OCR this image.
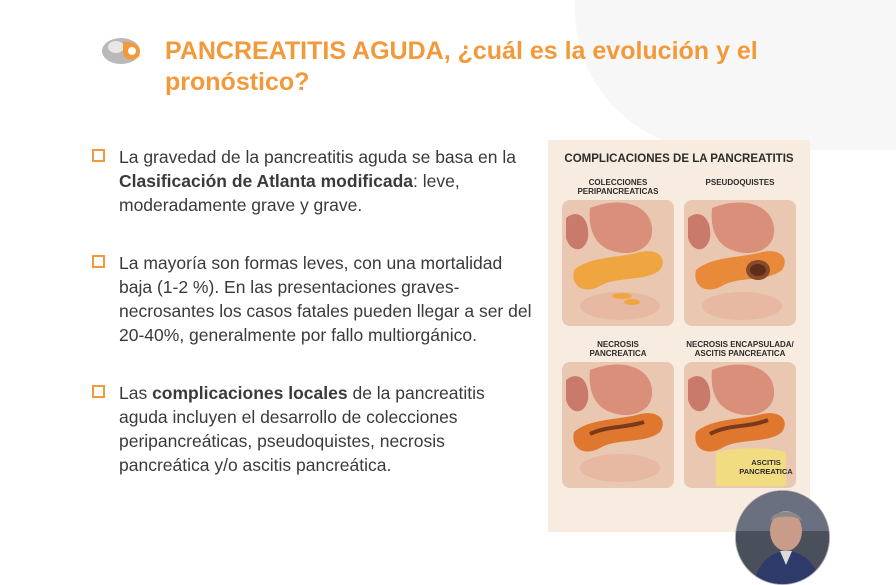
PANCREATITIS AGUDA, ¿cuál es la evolución y el pronóstico?
La gravedad de la pancreatitis aguda se basa en la Clasificación de Atlanta modificada: leve, moderadamente grave y grave.
La mayoría son formas leves, con una mortalidad baja (1-2 %). En las presentaciones graves-necrosantes los casos fatales pueden llegar a ser del 20-40%, generalmente por fallo multiorgánico.
Las complicaciones locales de la pancreatitis aguda incluyen el desarrollo de colecciones peripancreáticas, pseudoquistes, necrosis pancreática y/o ascitis pancreática.
COMPLICACIONES DE LA PANCREATITIS
COLECCIONES
PERIPANCREATICAS
PSEUDOQUISTES
NECROSIS
PANCREATICA
NECROSIS ENCAPSULADA/
ASCITIS PANCREATICA
ASCITIS PANCREATICA
